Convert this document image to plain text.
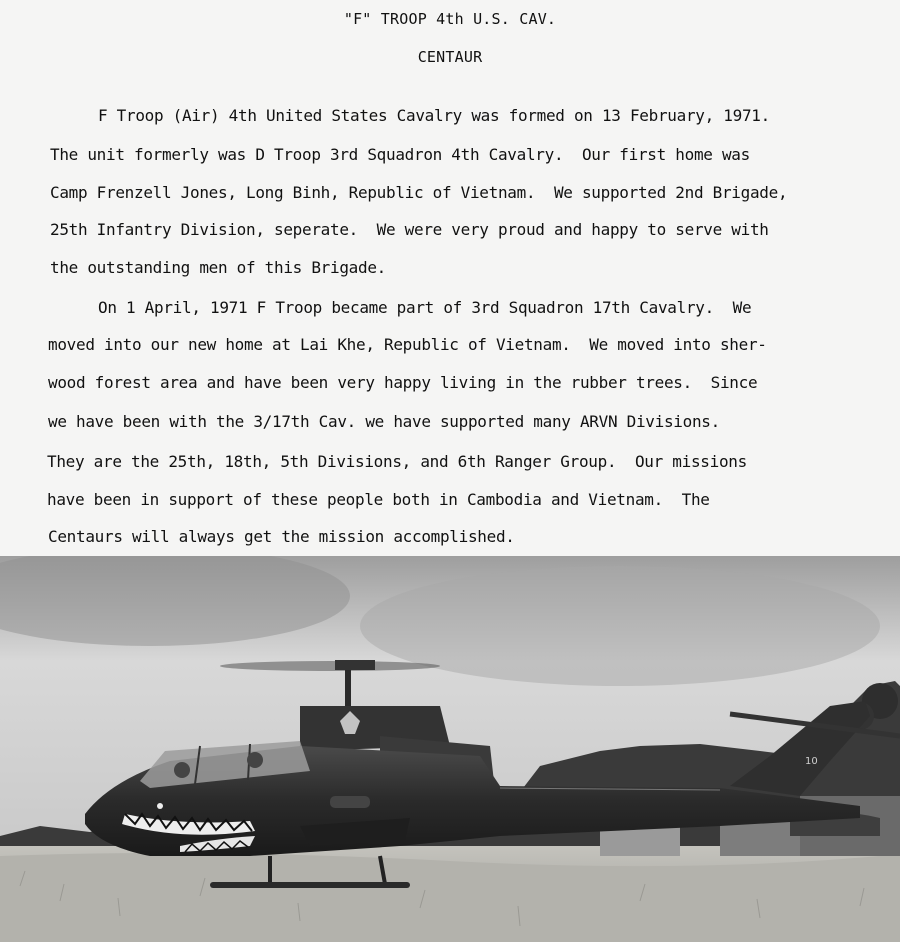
"F" TROOP 4th U.S. CAV.
CENTAUR
F Troop (Air) 4th United States Cavalry was formed on 13 February, 1971.
The unit formerly was D Troop 3rd Squadron 4th Cavalry.  Our first home was
Camp Frenzell Jones, Long Binh, Republic of Vietnam.  We supported 2nd Brigade,
25th Infantry Division, seperate.  We were very proud and happy to serve with
the outstanding men of this Brigade.
On 1 April, 1971 F Troop became part of 3rd Squadron 17th Cavalry.  We
moved into our new home at Lai Khe, Republic of Vietnam.  We moved into sher-
wood forest area and have been very happy living in the rubber trees.  Since
we have been with the 3/17th Cav. we have supported many ARVN Divisions.
They are the 25th, 18th, 5th Divisions, and 6th Ranger Group.  Our missions
have been in support of these people both in Cambodia and Vietnam.  The
Centaurs will always get the mission accomplished.
10
